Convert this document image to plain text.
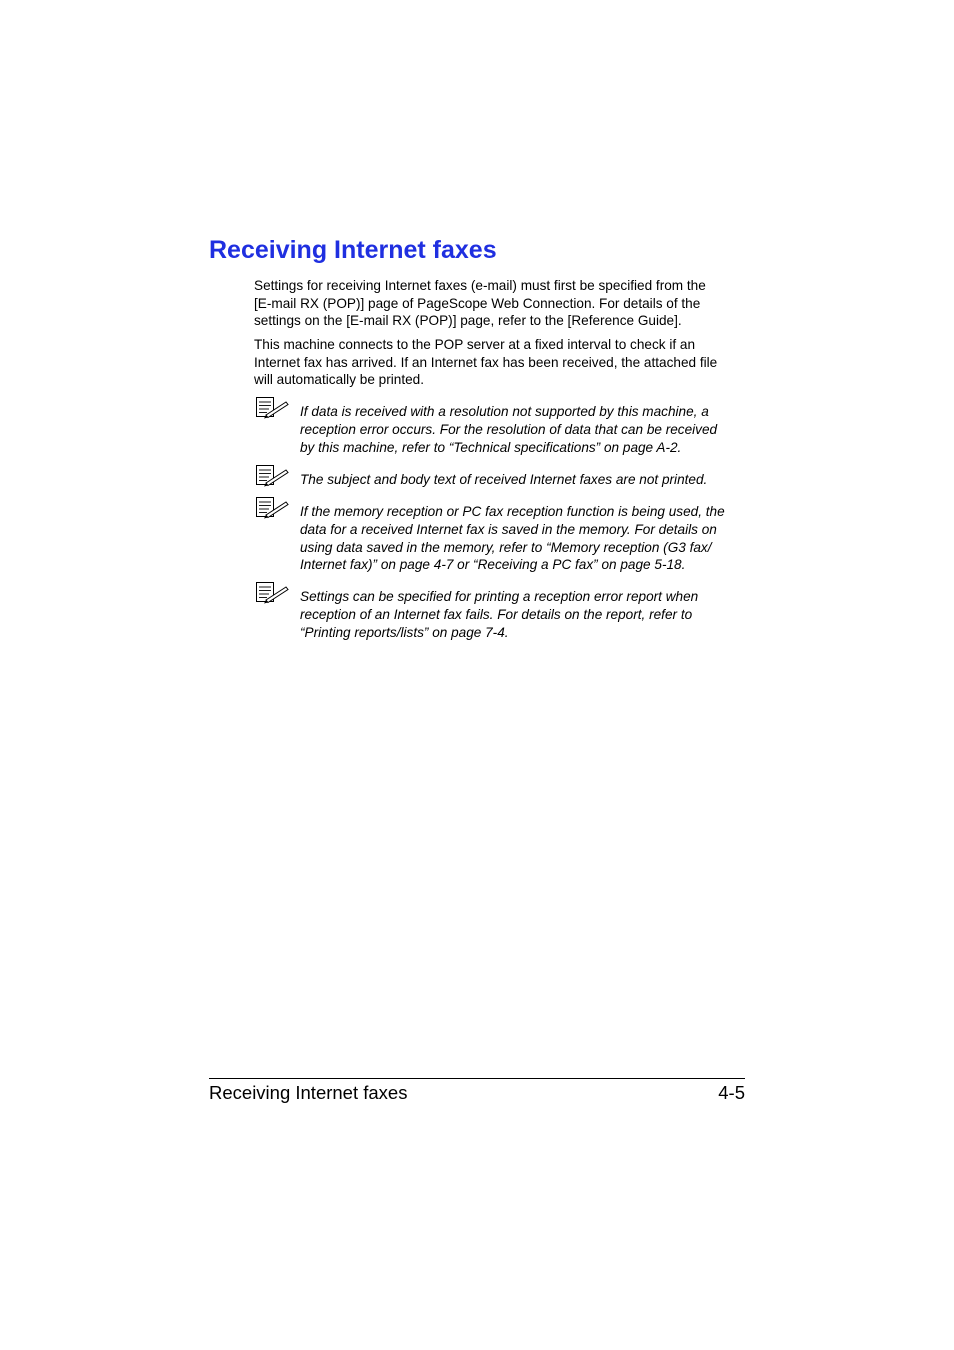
Receiving Internet faxes

Settings for receiving Internet faxes (e-mail) must first be specified from the
[E-mail RX (POP)] page of PageScope Web Connection. For details of the
settings on the [E-mail RX (POP)] page, refer to the [Reference Guide].

This machine connects to the POP server at a fixed interval to check if an
Internet fax has arrived. If an Internet fax has been received, the attached file
will automatically be printed.

If data is received with a resolution not supported by this machine, a
reception error occurs. For the resolution of data that can be received
by this machine, refer to “Technical specifications” on page A-2.

The subject and body text of received Internet faxes are not printed.

If the memory reception or PC fax reception function is being used, the
data for a received Internet fax is saved in the memory. For details on
using data saved in the memory, refer to “Memory reception (G3 fax/
Internet fax)” on page 4-7 or “Receiving a PC fax” on page 5-18.

Settings can be specified for printing a reception error report when
reception of an Internet fax fails. For details on the report, refer to
“Printing reports/lists” on page 7-4.

Receiving Internet faxes	4-5
